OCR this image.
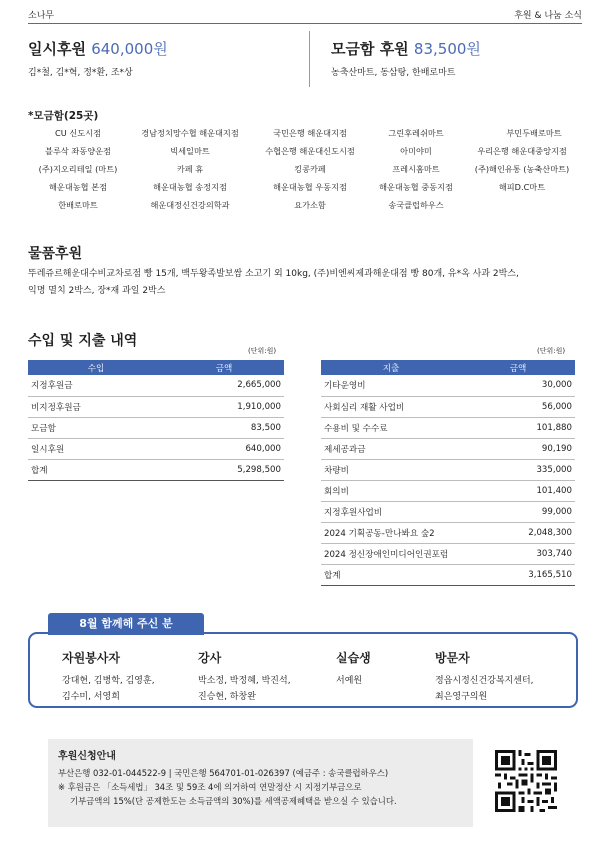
소나무	후원 & 나눔 소식
일시후원 640,000원
김*철, 김*혁, 정*환, 조*상
모금함 후원 83,500원
농축산마트, 동삼탕, 한배로마트
*모금함(25곳)
CU 신도시점	경남정치망수협 해운대지점	국민은행 해운대지점	그린후레쉬마트	부민두배로마트
블루삭 좌동양운점	빅세일마트	수협은행 해운대신도시점	아미야미	우리은행 해운대중앙지점
(주)지오리테일 (마트)	카페 휴	킹콩카페	프레시홈마트	(주)해인유통 (농축산마트)
해운대농협 본점	해운대농협 송정지점	해운대농협 우동지점	해운대농협 중동지점	해피D.C마트
한배로마트	해운대정신건강의학과	요가소함	송국클럽하우스
물품후원
뚜레쥬르해운대수비교차로점 빵 15개, 백두왕족발보쌈 소고기 외 10kg, (주)비엔씨제과해운대점 빵 80개, 유*옥 사과 2박스,
익명 멸치 2박스, 장*재 과일 2박스
수입 및 지출 내역
(단위:원)	(단위:원)
수입	금액
지정후원금	2,665,000
비지정후원금	1,910,000
모금함	83,500
일시후원	640,000
합계	5,298,500
지출	금액
기타운영비	30,000
사회심리 재활 사업비	56,000
수용비 및 수수료	101,880
제세공과금	90,190
차량비	335,000
회의비	101,400
지정후원사업비	99,000
2024 기획공동-만나봐요 숲2	2,048,300
2024 정신장애인미디어인권포럼	303,740
합계	3,165,510
자원봉사자
강대현, 김병학, 김영훈,
김수미, 서영희
강사
박소정, 박정혜, 박진석,
진승현, 하창완
실습생
서예원
방문자
정읍시정신건강복지센터,
최은영구의원
8월 함께해 주신 분
후원신청안내
부산은행 032-01-044522-9 | 국민은행 564701-01-026397 (예금주 : 송국클럽하우스)
※ 후원금은 「소득세법」 34조 및 59조 4에 의거하여 연말정산 시 지정기부금으로
기부금액의 15%(단 공제한도는 소득금액의 30%)를 세액공제혜택을 받으실 수 있습니다.
